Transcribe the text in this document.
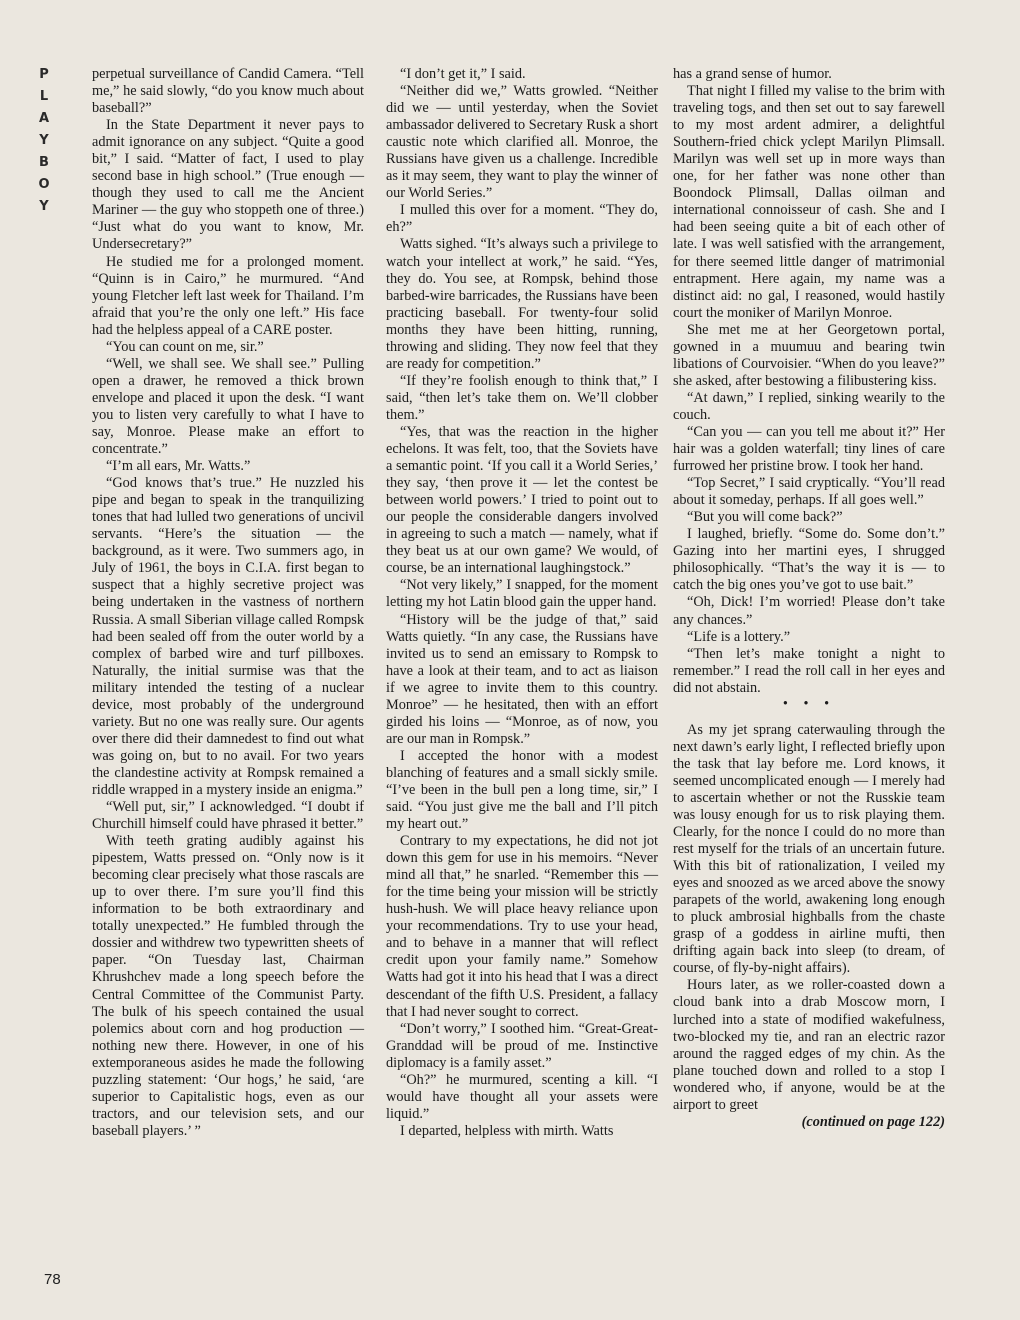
P
L
A
Y
B
O
Y

perpetual surveillance of Candid Camera. “Tell me,” he said slowly, “do you know much about baseball?”

In the State Department it never pays to admit ignorance on any subject. “Quite a good bit,” I said. “Matter of fact, I used to play second base in high school.” (True enough — though they used to call me the Ancient Mariner — the guy who stoppeth one of three.) “Just what do you want to know, Mr. Undersecretary?”

He studied me for a prolonged moment. “Quinn is in Cairo,” he murmured. “And young Fletcher left last week for Thailand. I’m afraid that you’re the only one left.” His face had the helpless appeal of a CARE poster.

“You can count on me, sir.”

“Well, we shall see. We shall see.” Pulling open a drawer, he removed a thick brown envelope and placed it upon the desk. “I want you to listen very carefully to what I have to say, Monroe. Please make an effort to concentrate.”

“I’m all ears, Mr. Watts.”

“God knows that’s true.” He nuzzled his pipe and began to speak in the tranquilizing tones that had lulled two generations of uncivil servants. “Here’s the situation — the background, as it were. Two summers ago, in July of 1961, the boys in C.I.A. first began to suspect that a highly secretive project was being undertaken in the vastness of northern Russia. A small Siberian village called Rompsk had been sealed off from the outer world by a complex of barbed wire and turf pillboxes. Naturally, the initial surmise was that the military intended the testing of a nuclear device, most probably of the underground variety. But no one was really sure. Our agents over there did their damnedest to find out what was going on, but to no avail. For two years the clandestine activity at Rompsk remained a riddle wrapped in a mystery inside an enigma.”

“Well put, sir,” I acknowledged. “I doubt if Churchill himself could have phrased it better.”

With teeth grating audibly against his pipestem, Watts pressed on. “Only now is it becoming clear precisely what those rascals are up to over there. I’m sure you’ll find this information to be both extraordinary and totally unexpected.” He fumbled through the dossier and withdrew two typewritten sheets of paper. “On Tuesday last, Chairman Khrushchev made a long speech before the Central Committee of the Communist Party. The bulk of his speech contained the usual polemics about corn and hog production — nothing new there. However, in one of his extemporaneous asides he made the following puzzling statement: ‘Our hogs,’ he said, ‘are superior to Capitalistic hogs, even as our tractors, and our television sets, and our baseball players.’ ”

“I don’t get it,” I said.

“Neither did we,” Watts growled. “Neither did we — until yesterday, when the Soviet ambassador delivered to Secretary Rusk a short caustic note which clarified all. Monroe, the Russians have given us a challenge. Incredible as it may seem, they want to play the winner of our World Series.”

I mulled this over for a moment. “They do, eh?”

Watts sighed. “It’s always such a privilege to watch your intellect at work,” he said. “Yes, they do. You see, at Rompsk, behind those barbed-wire barricades, the Russians have been practicing baseball. For twenty-four solid months they have been hitting, running, throwing and sliding. They now feel that they are ready for competition.”

“If they’re foolish enough to think that,” I said, “then let’s take them on. We’ll clobber them.”

“Yes, that was the reaction in the higher echelons. It was felt, too, that the Soviets have a semantic point. ‘If you call it a World Series,’ they say, ‘then prove it — let the contest be between world powers.’ I tried to point out to our people the considerable dangers involved in agreeing to such a match — namely, what if they beat us at our own game? We would, of course, be an international laughingstock.”

“Not very likely,” I snapped, for the moment letting my hot Latin blood gain the upper hand.

“History will be the judge of that,” said Watts quietly. “In any case, the Russians have invited us to send an emissary to Rompsk to have a look at their team, and to act as liaison if we agree to invite them to this country. Monroe” — he hesitated, then with an effort girded his loins — “Monroe, as of now, you are our man in Rompsk.”

I accepted the honor with a modest blanching of features and a small sickly smile. “I’ve been in the bull pen a long time, sir,” I said. “You just give me the ball and I’ll pitch my heart out.”

Contrary to my expectations, he did not jot down this gem for use in his memoirs. “Never mind all that,” he snarled. “Remember this — for the time being your mission will be strictly hush-hush. We will place heavy reliance upon your recommendations. Try to use your head, and to behave in a manner that will reflect credit upon your family name.” Somehow Watts had got it into his head that I was a direct descendant of the fifth U.S. President, a fallacy that I had never sought to correct.

“Don’t worry,” I soothed him. “Great-Great-Granddad will be proud of me. Instinctive diplomacy is a family asset.”

“Oh?” he murmured, scenting a kill. “I would have thought all your assets were liquid.”

I departed, helpless with mirth. Watts

has a grand sense of humor.

That night I filled my valise to the brim with traveling togs, and then set out to say farewell to my most ardent admirer, a delightful Southern-fried chick yclept Marilyn Plimsall. Marilyn was well set up in more ways than one, for her father was none other than Boondock Plimsall, Dallas oilman and international connoisseur of cash. She and I had been seeing quite a bit of each other of late. I was well satisfied with the arrangement, for there seemed little danger of matrimonial entrapment. Here again, my name was a distinct aid: no gal, I reasoned, would hastily court the moniker of Marilyn Monroe.

She met me at her Georgetown portal, gowned in a muumuu and bearing twin libations of Courvoisier. “When do you leave?” she asked, after bestowing a filibustering kiss.

“At dawn,” I replied, sinking wearily to the couch.

“Can you — can you tell me about it?” Her hair was a golden waterfall; tiny lines of care furrowed her pristine brow. I took her hand.

“Top Secret,” I said cryptically. “You’ll read about it someday, perhaps. If all goes well.”

“But you will come back?”

I laughed, briefly. “Some do. Some don’t.” Gazing into her martini eyes, I shrugged philosophically. “That’s the way it is — to catch the big ones you’ve got to use bait.”

“Oh, Dick! I’m worried! Please don’t take any chances.”

“Life is a lottery.”

“Then let’s make tonight a night to remember.” I read the roll call in her eyes and did not abstain.

• • •

As my jet sprang caterwauling through the next dawn’s early light, I reflected briefly upon the task that lay before me. Lord knows, it seemed uncomplicated enough — I merely had to ascertain whether or not the Russkie team was lousy enough for us to risk playing them. Clearly, for the nonce I could do no more than rest myself for the trials of an uncertain future. With this bit of rationalization, I veiled my eyes and snoozed as we arced above the snowy parapets of the world, awakening long enough to pluck ambrosial highballs from the chaste grasp of a goddess in airline mufti, then drifting again back into sleep (to dream, of course, of fly-by-night affairs).

Hours later, as we roller-coasted down a cloud bank into a drab Moscow morn, I lurched into a state of modified wakefulness, two-blocked my tie, and ran an electric razor around the ragged edges of my chin. As the plane touched down and rolled to a stop I wondered who, if anyone, would be at the airport to greet

(continued on page 122)

78
